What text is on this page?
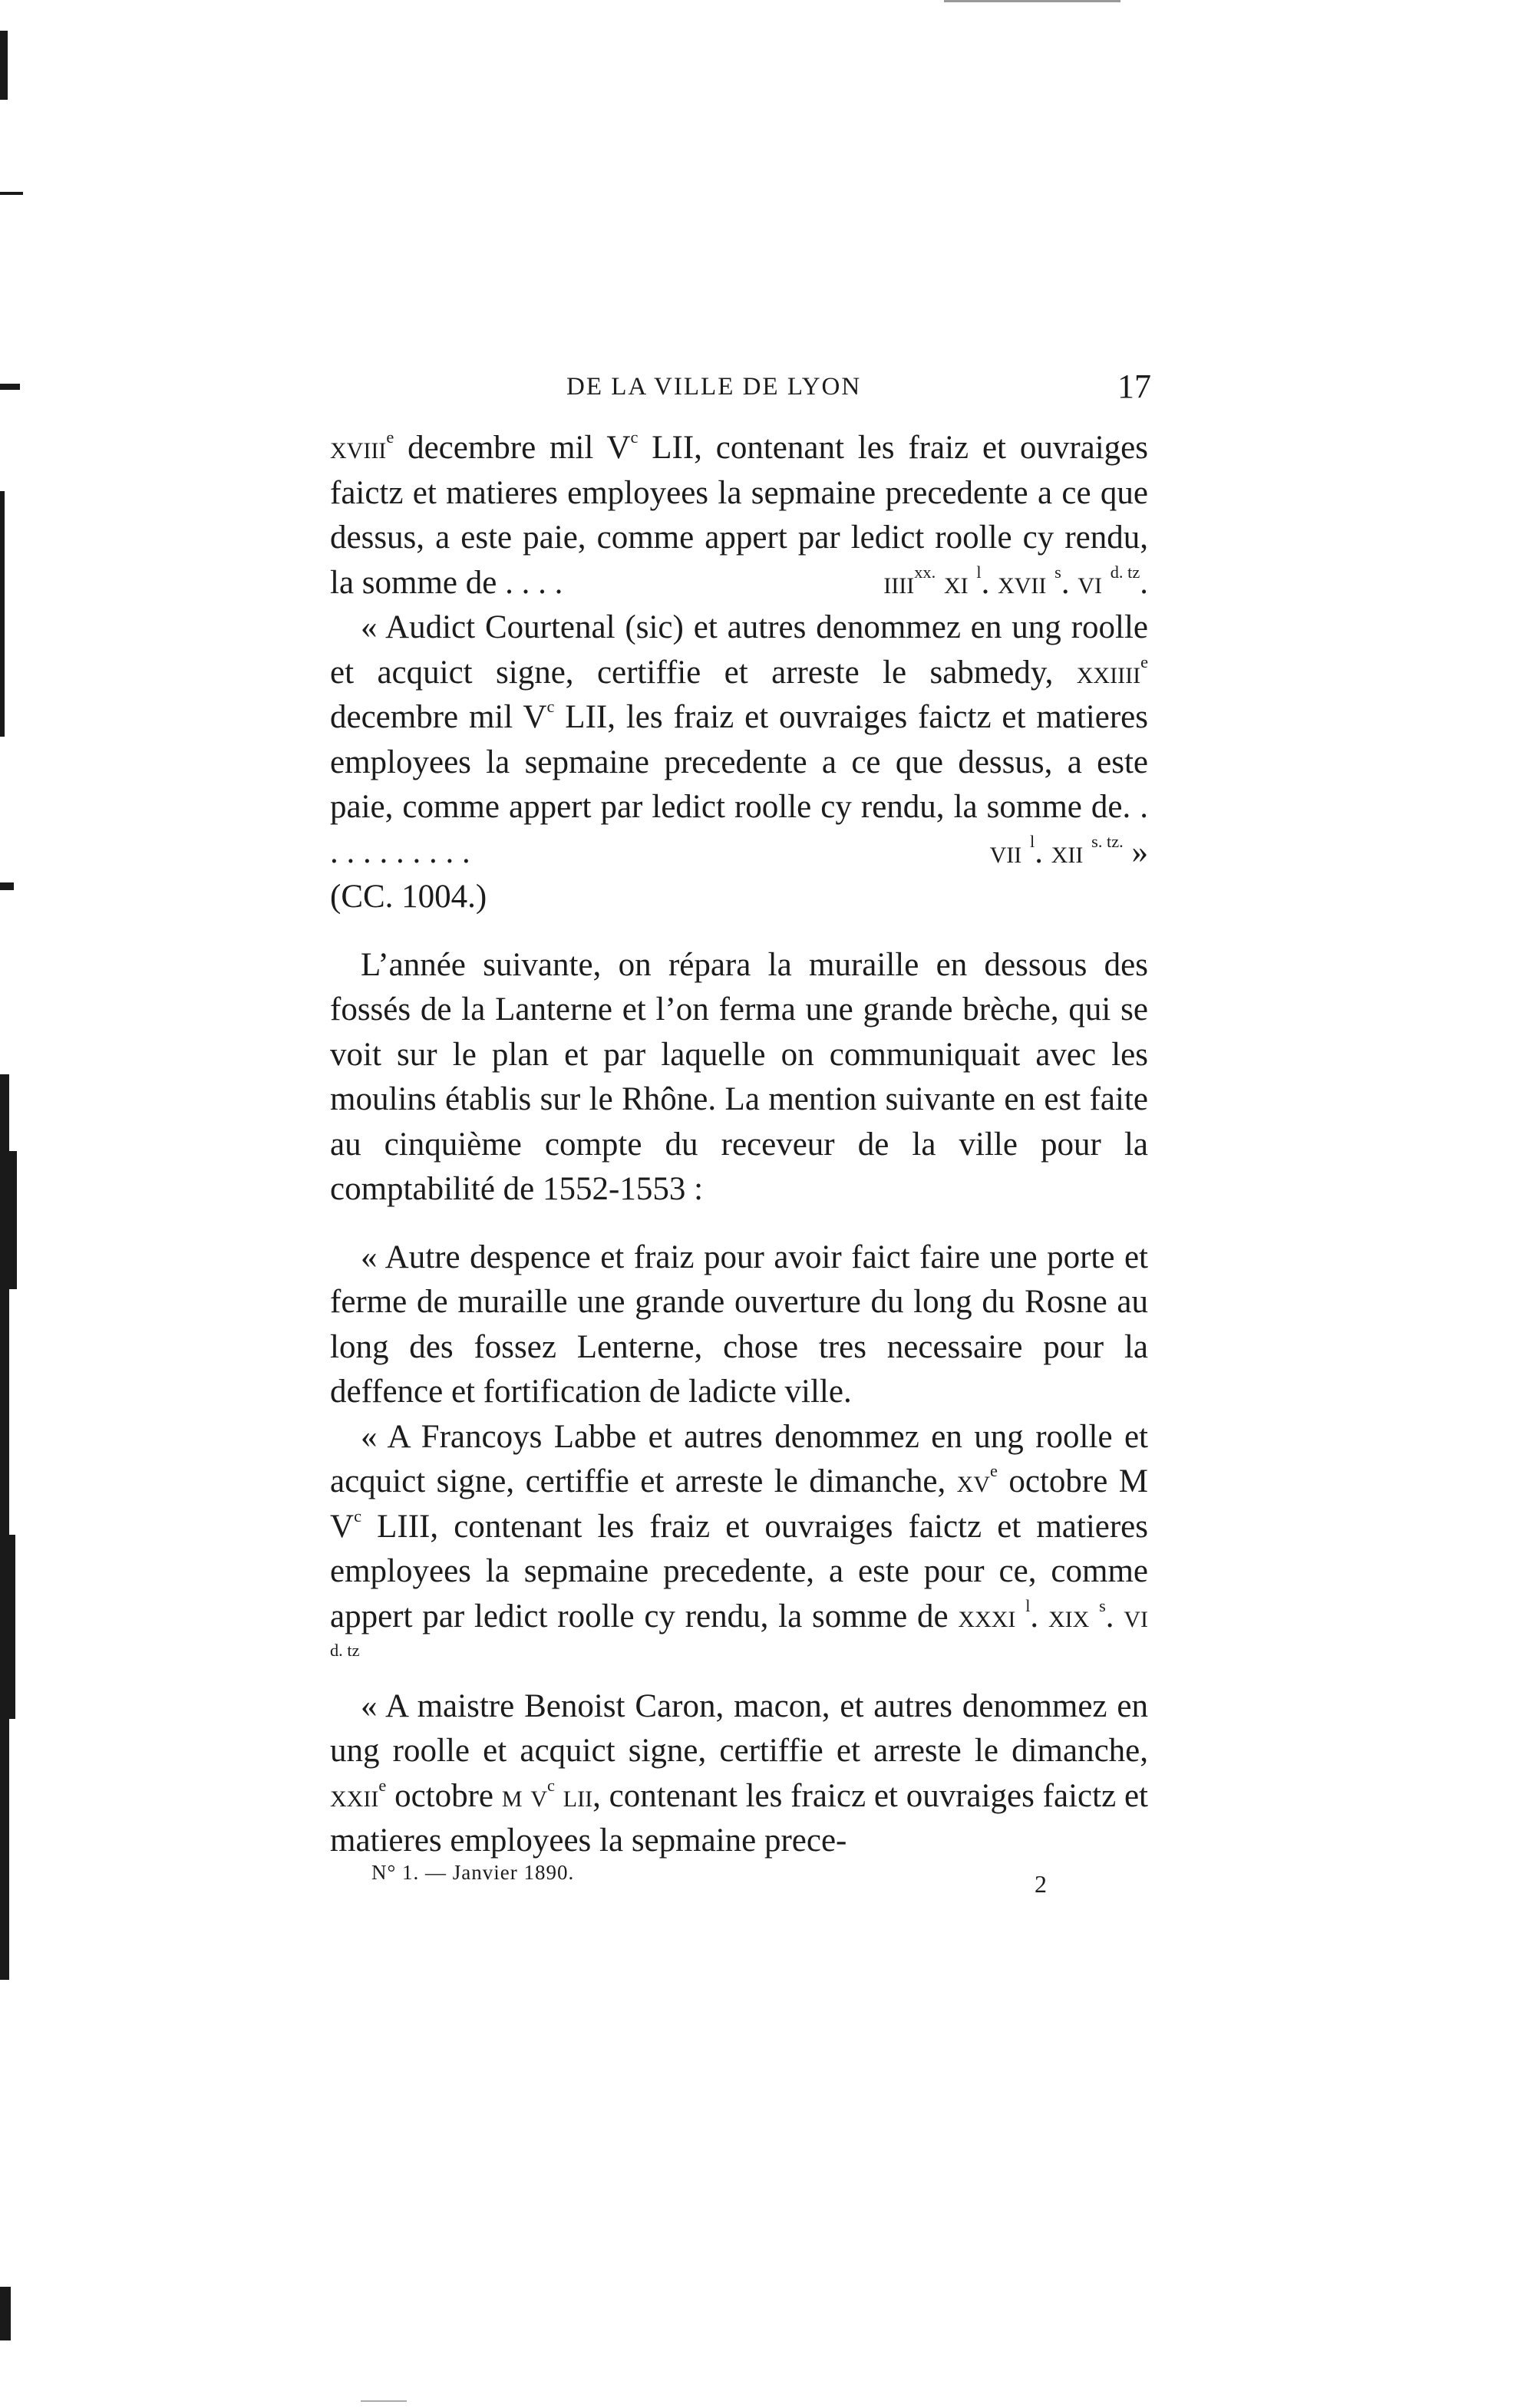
DE LA VILLE DE LYON	17

xviii$^e$ decembre mil $V^c$ LII, contenant les fraiz et ouvraiges faictz et matieres employees la sepmaine precedente a ce que dessus, a este paie, comme appert par ledict roolle cy rendu, la somme de . . . .	iiii$^{xx.}$ xi $^l$. xvii $^s$. vi $^{d. tz}$.

« Audict Courtenal (sic) et autres denommez en ung roolle et acquict signe, certiffie et arreste le sabmedy, xxiiii$^e$ decembre mil $V^c$ LII, les fraiz et ouvraiges faictz et matieres employees la sepmaine precedente a ce que dessus, a este paie, comme appert par ledict roolle cy rendu, la somme de. . . . . . . . . . .	vii $^l$. xii $^{s. tz.}$ »

(CC. 1004.)

L’année suivante, on répara la muraille en dessous des fossés de la Lanterne et l’on ferma une grande brèche, qui se voit sur le plan et par laquelle on communiquait avec les moulins établis sur le Rhône. La mention suivante en est faite au cinquième compte du receveur de la ville pour la comptabilité de 1552-1553 :

« Autre despence et fraiz pour avoir faict faire une porte et ferme de muraille une grande ouverture du long du Rosne au long des fossez Lenterne, chose tres necessaire pour la deffence et fortification de ladicte ville.

« A Francoys Labbe et autres denommez en ung roolle et acquict signe, certiffie et arreste le dimanche, $xv^e$ octobre M $V^c$ LIII, contenant les fraiz et ouvraiges faictz et matieres employees la sepmaine precedente, a este pour ce, comme appert par ledict roolle cy rendu, la somme de xxxi $^l$. xix $^s$. vi $^{d. tz}$

« A maistre Benoist Caron, macon, et autres denommez en ung roolle et acquict signe, certiffie et arreste le dimanche, xxii$^e$ octobre m $v^c$ lii, contenant les fraicz et ouvraiges faictz et matieres employees la sepmaine prece-

N° 1. — Janvier 1890.	2
